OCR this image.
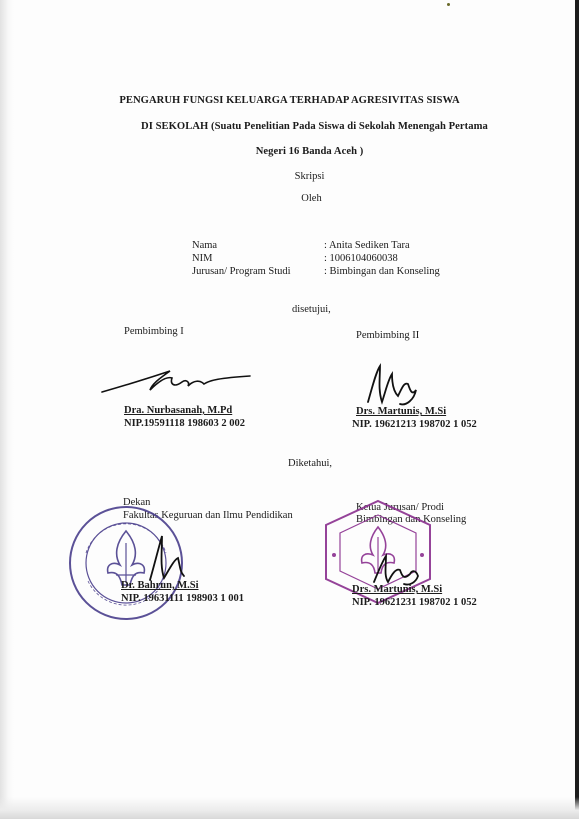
PENGARUH FUNGSI KELUARGA TERHADAP AGRESIVITAS SISWA
DI SEKOLAH (Suatu Penelitian Pada Siswa di Sekolah Menengah Pertama
Negeri 16 Banda Aceh )
Skripsi
Oleh
Nama	: Anita Sediken Tara
NIM	: 1006104060038
Jurusan/ Program Studi	: Bimbingan dan Konseling
disetujui,
Pembimbing I	Pembimbing II
Dra. Nurbasanah, M.Pd
NIP.19591118 198603 2 002
Drs. Martunis, M.Si
NIP. 19621213 198702 1 052
Diketahui,
Dekan
Fakultas Keguruan dan Ilmu Pendidikan
Ketua Jurusan/ Prodi
Bimbingan dan Konseling
Dr. Bahrun, M.Si
NIP. 19631111 198903 1 001
Drs. Martunis, M.Si
NIP. 19621231 198702 1 052
